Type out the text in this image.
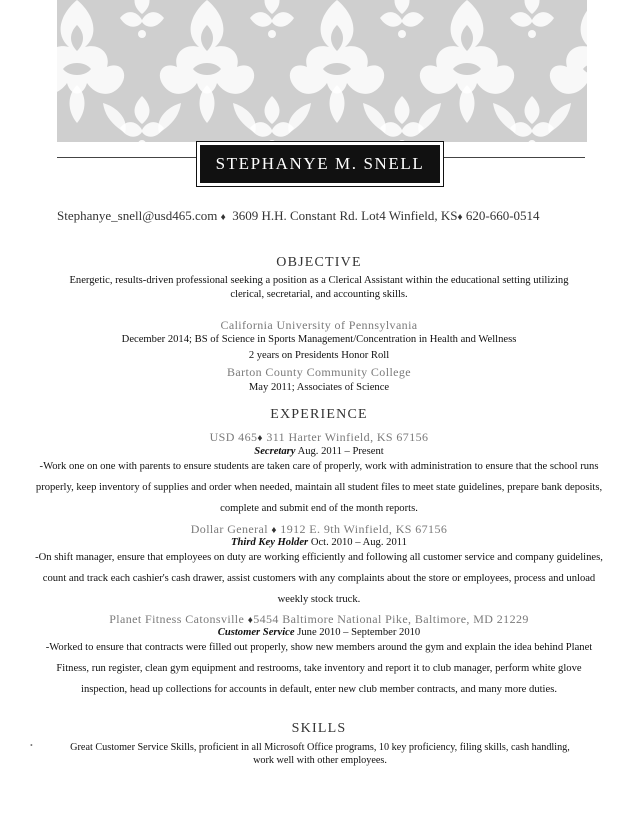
STEPHANYE M. SNELL
Stephanye_snell@usd465.com ♦ 3609 H.H. Constant Rd. Lot4 Winfield, KS♦ 620-660-0514
OBJECTIVE
Energetic, results-driven professional seeking a position as a Clerical Assistant within the educational setting utilizing clerical, secretarial, and accounting skills.
California University of Pennsylvania
December 2014; BS of Science in Sports Management/Concentration in Health and Wellness
2 years on Presidents Honor Roll
Barton County Community College
May 2011; Associates of Science
EXPERIENCE
USD 465♦ 311 Harter Winfield, KS 67156
Secretary Aug. 2011 – Present
-Work one on one with parents to ensure students are taken care of properly, work with administration to ensure that the school runs properly, keep inventory of supplies and order when needed, maintain all student files to meet state guidelines, prepare bank deposits, complete and submit end of the month reports.
Dollar General ♦ 1912 E. 9th Winfield, KS 67156
Third Key Holder Oct. 2010 – Aug. 2011
-On shift manager, ensure that employees on duty are working efficiently and following all customer service and company guidelines, count and track each cashier's cash drawer, assist customers with any complaints about the store or employees, process and unload weekly stock truck.
Planet Fitness Catonsville ♦5454 Baltimore National Pike, Baltimore, MD 21229
Customer Service June 2010 – September 2010
-Worked to ensure that contracts were filled out properly, show new members around the gym and explain the idea behind Planet Fitness, run register, clean gym equipment and restrooms, take inventory and report it to club manager, perform white glove inspection, head up collections for accounts in default, enter new club member contracts, and many more duties.
SKILLS
•	Great Customer Service Skills, proficient in all Microsoft Office programs, 10 key proficiency, filing skills, cash handling, work well with other employees.
